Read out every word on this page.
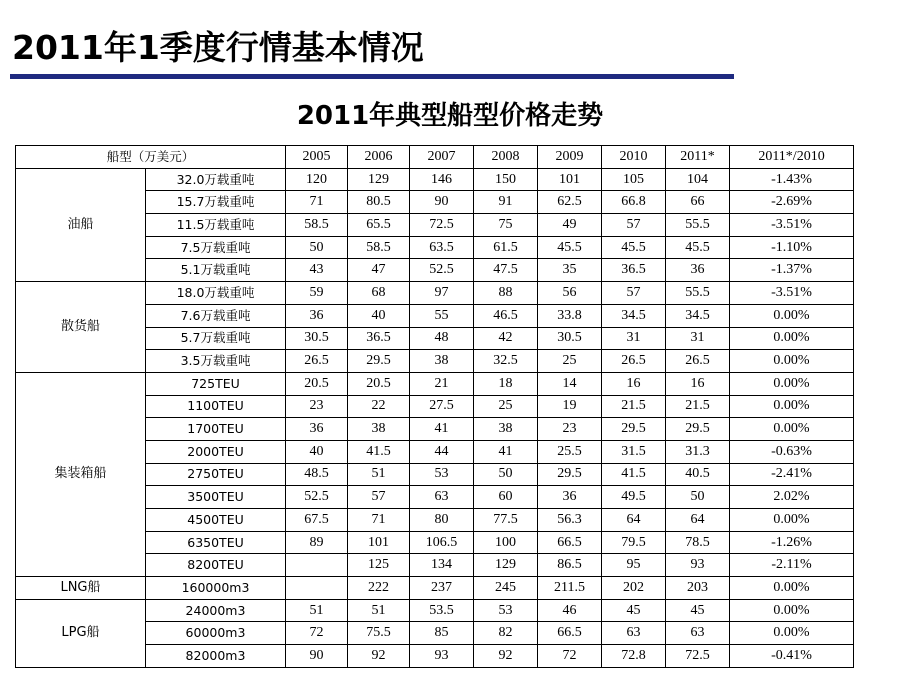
2011年1季度行情基本情况
2011年典型船型价格走势
船型（万美元）		2005	2006	2007	2008	2009	2010	2011*	2011*/2010
油船	32.0万载重吨	120	129	146	150	101	105	104	-1.43%
	15.7万载重吨	71	80.5	90	91	62.5	66.8	66	-2.69%
	11.5万载重吨	58.5	65.5	72.5	75	49	57	55.5	-3.51%
	7.5万载重吨	50	58.5	63.5	61.5	45.5	45.5	45.5	-1.10%
	5.1万载重吨	43	47	52.5	47.5	35	36.5	36	-1.37%
散货船	18.0万载重吨	59	68	97	88	56	57	55.5	-3.51%
	7.6万载重吨	36	40	55	46.5	33.8	34.5	34.5	0.00%
	5.7万载重吨	30.5	36.5	48	42	30.5	31	31	0.00%
	3.5万载重吨	26.5	29.5	38	32.5	25	26.5	26.5	0.00%
集装箱船	725TEU	20.5	20.5	21	18	14	16	16	0.00%
	1100TEU	23	22	27.5	25	19	21.5	21.5	0.00%
	1700TEU	36	38	41	38	23	29.5	29.5	0.00%
	2000TEU	40	41.5	44	41	25.5	31.5	31.3	-0.63%
	2750TEU	48.5	51	53	50	29.5	41.5	40.5	-2.41%
	3500TEU	52.5	57	63	60	36	49.5	50	2.02%
	4500TEU	67.5	71	80	77.5	56.3	64	64	0.00%
	6350TEU	89	101	106.5	100	66.5	79.5	78.5	-1.26%
	8200TEU		125	134	129	86.5	95	93	-2.11%
LNG船	160000m3		222	237	245	211.5	202	203	0.00%
LPG船	24000m3	51	51	53.5	53	46	45	45	0.00%
	60000m3	72	75.5	85	82	66.5	63	63	0.00%
	82000m3	90	92	93	92	72	72.8	72.5	-0.41%
